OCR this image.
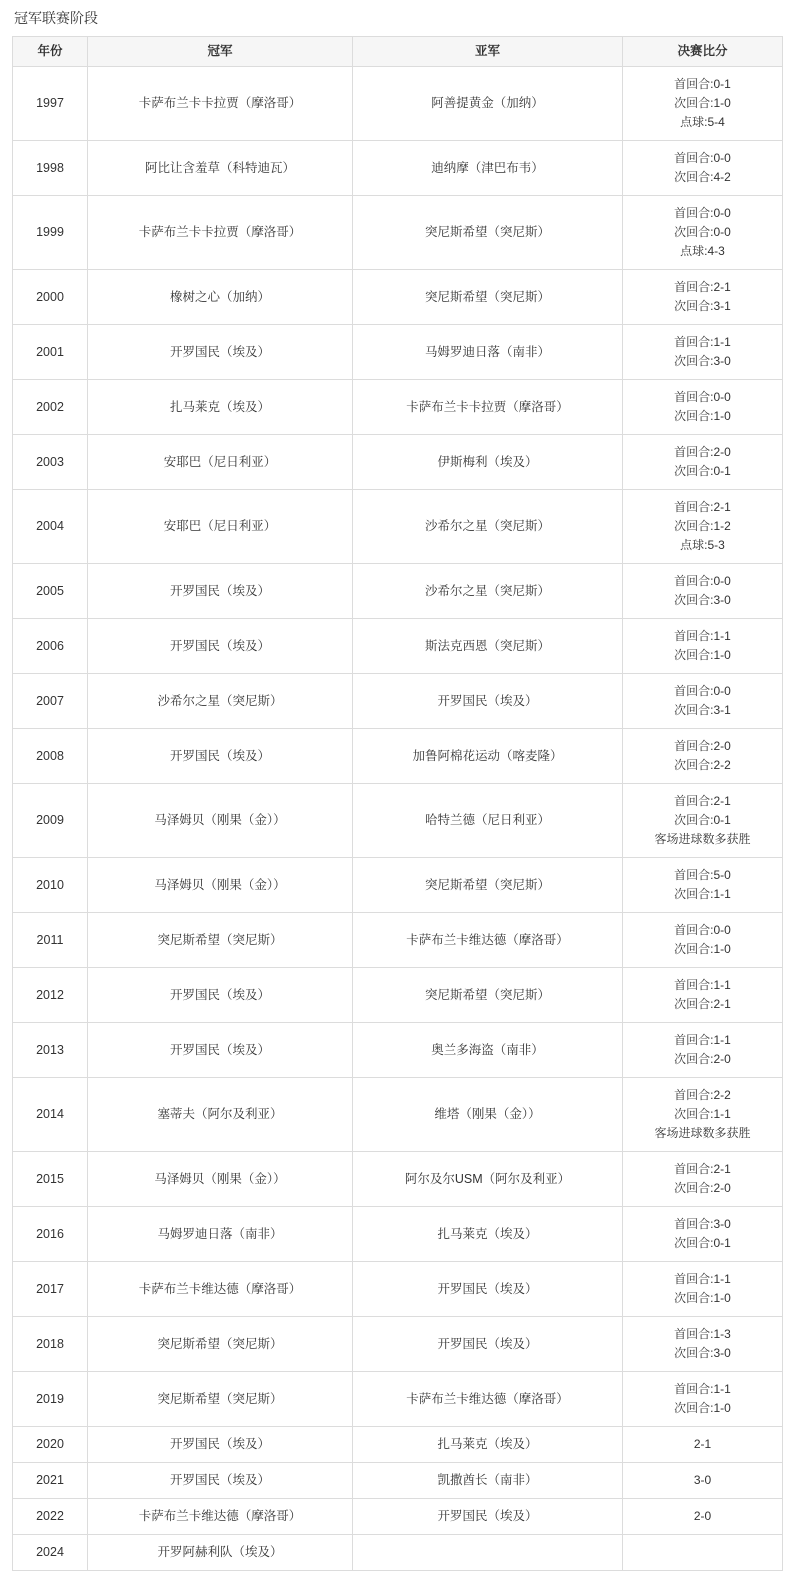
冠军联赛阶段
年份	冠军	亚军	决赛比分
1997	卡萨布兰卡卡拉贾（摩洛哥）	阿善提黄金（加纳）	首回合:0-1
次回合:1-0
点球:5-4

1998	阿比让含羞草（科特迪瓦）	迪纳摩（津巴布韦）	首回合:0-0
次回合:4-2

1999	卡萨布兰卡卡拉贾（摩洛哥）	突尼斯希望（突尼斯）	首回合:0-0
次回合:0-0
点球:4-3

2000	橡树之心（加纳）	突尼斯希望（突尼斯）	首回合:2-1
次回合:3-1

2001	开罗国民（埃及）	马姆罗迪日落（南非）	首回合:1-1
次回合:3-0

2002	扎马莱克（埃及）	卡萨布兰卡卡拉贾（摩洛哥）	首回合:0-0
次回合:1-0

2003	安耶巴（尼日利亚）	伊斯梅利（埃及）	首回合:2-0
次回合:0-1

2004	安耶巴（尼日利亚）	沙希尔之星（突尼斯）	首回合:2-1
次回合:1-2
点球:5-3

2005	开罗国民（埃及）	沙希尔之星（突尼斯）	首回合:0-0
次回合:3-0

2006	开罗国民（埃及）	斯法克西恩（突尼斯）	首回合:1-1
次回合:1-0

2007	沙希尔之星（突尼斯）	开罗国民（埃及）	首回合:0-0
次回合:3-1

2008	开罗国民（埃及）	加鲁阿棉花运动（喀麦隆）	首回合:2-0
次回合:2-2

2009	马泽姆贝（刚果（金））	哈特兰德（尼日利亚）	首回合:2-1
次回合:0-1
客场进球数多获胜

2010	马泽姆贝（刚果（金））	突尼斯希望（突尼斯）	首回合:5-0
次回合:1-1

2011	突尼斯希望（突尼斯）	卡萨布兰卡维达德（摩洛哥）	首回合:0-0
次回合:1-0

2012	开罗国民（埃及）	突尼斯希望（突尼斯）	首回合:1-1
次回合:2-1

2013	开罗国民（埃及）	奥兰多海盗（南非）	首回合:1-1
次回合:2-0

2014	塞蒂夫（阿尔及利亚）	维塔（刚果（金））	首回合:2-2
次回合:1-1
客场进球数多获胜

2015	马泽姆贝（刚果（金））	阿尔及尔USM（阿尔及利亚）	首回合:2-1
次回合:2-0

2016	马姆罗迪日落（南非）	扎马莱克（埃及）	首回合:3-0
次回合:0-1

2017	卡萨布兰卡维达德（摩洛哥）	开罗国民（埃及）	首回合:1-1
次回合:1-0

2018	突尼斯希望（突尼斯）	开罗国民（埃及）	首回合:1-3
次回合:3-0

2019	突尼斯希望（突尼斯）	卡萨布兰卡维达德（摩洛哥）	首回合:1-1
次回合:1-0

2020	开罗国民（埃及）	扎马莱克（埃及）	2-1

2021	开罗国民（埃及）	凯撒酋长（南非）	3-0

2022	卡萨布兰卡维达德（摩洛哥）	开罗国民（埃及）	2-0

2024	开罗阿赫利队（埃及）		
